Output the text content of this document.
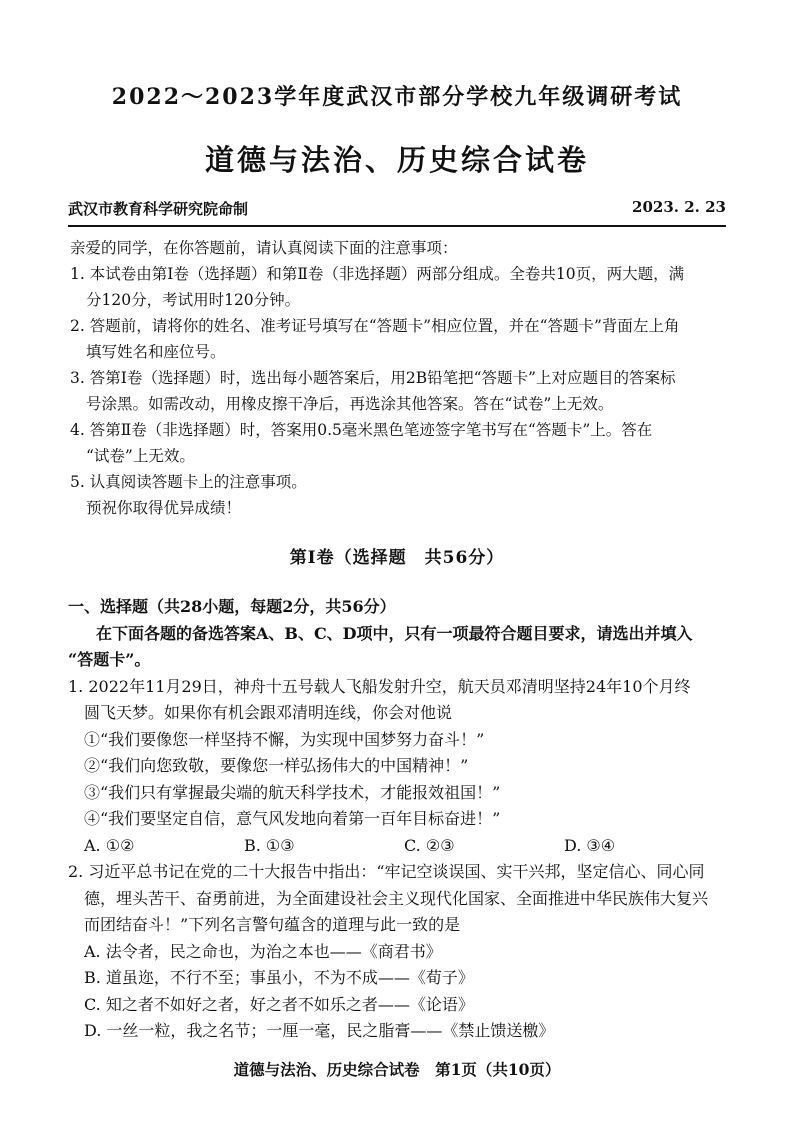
2022～2023学年度武汉市部分学校九年级调研考试
道德与法治、历史综合试卷
武汉市教育科学研究院命制	2023. 2. 23

亲爱的同学，在你答题前，请认真阅读下面的注意事项：

1. 本试卷由第Ⅰ卷（选择题）和第Ⅱ卷（非选择题）两部分组成。全卷共10页，两大题，满

分120分，考试用时120分钟。

2. 答题前，请将你的姓名、准考证号填写在“答题卡”相应位置，并在“答题卡”背面左上角

填写姓名和座位号。

3. 答第Ⅰ卷（选择题）时，选出每小题答案后，用2B铅笔把“答题卡”上对应题目的答案标

号涂黑。如需改动，用橡皮擦干净后，再选涂其他答案。答在“试卷”上无效。

4. 答第Ⅱ卷（非选择题）时，答案用0.5毫米黑色笔迹签字笔书写在“答题卡”上。答在

“试卷”上无效。

5. 认真阅读答题卡上的注意事项。

预祝你取得优异成绩！

第Ⅰ卷（选择题　共56分）

一、选择题（共28小题，每题2分，共56分）

在下面各题的备选答案A、B、C、D项中，只有一项最符合题目要求，请选出并填入

“答题卡”。

1. 2022年11月29日，神舟十五号载人飞船发射升空，航天员邓清明坚持24年10个月终

圆飞天梦。如果你有机会跟邓清明连线，你会对他说

①“我们要像您一样坚持不懈，为实现中国梦努力奋斗！”

②“我们向您致敬，要像您一样弘扬伟大的中国精神！”

③“我们只有掌握最尖端的航天科学技术，才能报效祖国！”

④“我们要坚定自信，意气风发地向着第一百年目标奋进！”

A. ①②	B. ①③	C. ②③	D. ③④

2. 习近平总书记在党的二十大报告中指出：“牢记空谈误国、实干兴邦，坚定信心、同心同

德，埋头苦干、奋勇前进，为全面建设社会主义现代化国家、全面推进中华民族伟大复兴

而团结奋斗！”下列名言警句蕴含的道理与此一致的是

A. 法令者，民之命也，为治之本也——《商君书》

B. 道虽迩，不行不至；事虽小，不为不成——《荀子》

C. 知之者不如好之者，好之者不如乐之者——《论语》

D. 一丝一粒，我之名节；一厘一毫，民之脂膏——《禁止馈送檄》

道德与法治、历史综合试卷　第1页（共10页）
